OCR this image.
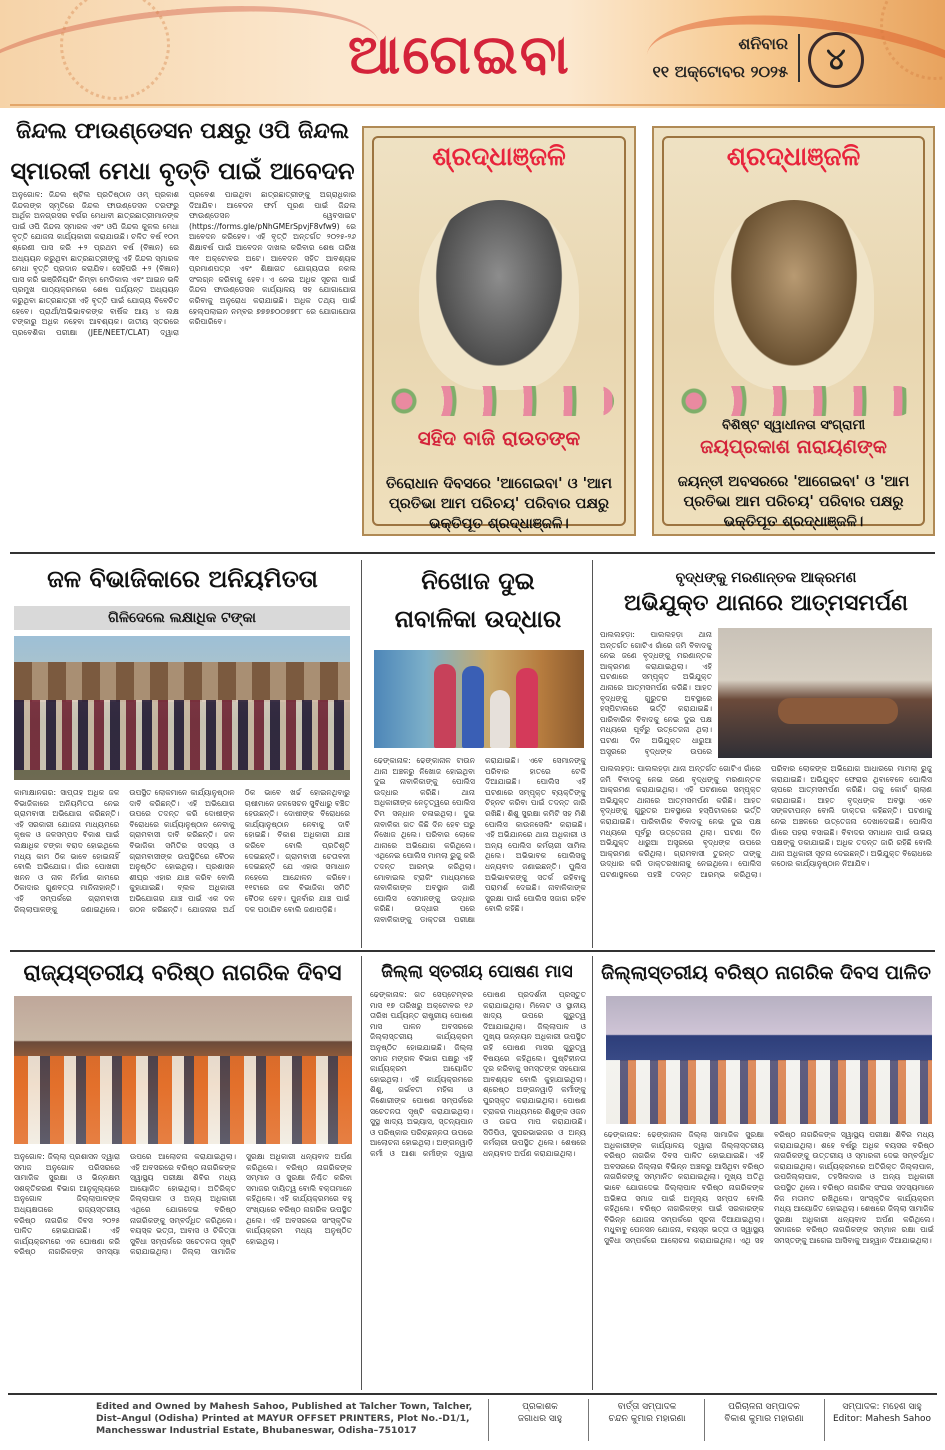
ଆଗେଇବା	ଶନିବାର
୧୧ ଅକ୍ଟୋବର ୨୦୨୫	୪
ଜିନ୍ଦଲ ଫାଉଣ୍ଡେସନ ପକ୍ଷରୁ ଓପି ଜିନ୍ଦଲ
ସ୍ମାରକୀ ମେଧା ବୃତ୍ତି ପାଇଁ ଆବେଦନ
ଅନୁଗୋଳ: ଜିନ୍ଦଲ ଷ୍ଟିଲ ପ୍ରତିଷ୍ଠାନ ଓମ୍ ପ୍ରକାଶ ଜିନ୍ଦଲଙ୍କ ସ୍ମୃତିରେ ଜିନ୍ଦଲ ଫାଉଣ୍ଡେସନ ତରଫରୁ ଆର୍ଥିକ ଅନଗ୍ରସର ବର୍ଗର ମେଧାବୀ ଛାତ୍ରଛାତ୍ରୀମାନଙ୍କ ପାଇଁ ଓପି ଜିନ୍ଦଲ ସ୍ମାରକ ଏବଂ ଓପି ଜିନ୍ଦଲ କୁଳଲ ମେଧା ବୃତ୍ତି ଯୋଜନା କାର୍ଯ୍ୟକାରୀ କରାଯାଉଛି। ଚଳିତ ବର୍ଷ ୧୦ମ ଶ୍ରେଣୀ ପାସ କରି +୨ ପ୍ରଥମ ବର୍ଷ (ବିଜ୍ଞାନ) ରେ ଅଧ୍ୟୟନ କରୁଥିବା ଛାତ୍ରଛାତ୍ରୀଙ୍କୁ ଏହି ଜିନ୍ଦଲ ସ୍ମାରକ ମେଧା ବୃତ୍ତି ପ୍ରଦାନ କରାଯିବ। ସେହିପରି +୨ (ବିଜ୍ଞାନ) ପାସ କରି ଇଞ୍ଜିନିୟରିଂ କିମ୍ବା ମେଡିକାଲ ଏବଂ ଆଇନ ଭଳି ପ୍ରମୁଖ ପାଠ୍ୟକ୍ରମରେ ଶେଷ ପର୍ଯ୍ୟନ୍ତ ଅଧ୍ୟୟନ କରୁଥିବା ଛାତ୍ରଛାତ୍ରୀ ଏହି ବୃତ୍ତି ପାଇଁ ଯୋଗ୍ୟ ବିବେଚିତ ହେବେ। ପ୍ରାର୍ଥୀ/ଅଭିଭାବକଙ୍କ ବାର୍ଷିକ ଆୟ ୪ ଲକ୍ଷ ଟଙ୍କାରୁ ଅଧିକ ନହେବା ଆବଶ୍ୟକ। ଜାତୀୟ ସ୍ତରରେ ପ୍ରବେଶିକା ପରୀକ୍ଷା (JEE/NEET/CLAT) ଦ୍ୱାରା ପ୍ରବେଶ ପାଇଥିବା ଛାତ୍ରଛାତ୍ରୀଙ୍କୁ ଅଗ୍ରାଧିକାର ଦିଆଯିବ। ଆବେଦନ ଫର୍ମ ପୂରଣ ପାଇଁ ଜିନ୍ଦଲ ଫାଉଣ୍ଡେସନ ୱେବସାଇଟ (https://forms.gle/pNhGMErSpvjF8vfw9) ରେ ଆବେଦନ କରିହେବ। ଏହି ବୃତ୍ତି ଅନ୍ତର୍ଗତ ୨୦୨୫-୨୬ ଶିକ୍ଷାବର୍ଷ ପାଇଁ ଆବେଦନ ଦାଖଲ କରିବାର ଶେଷ ତାରିଖ ୩୧ ଅକ୍ଟୋବର ଅଟେ। ଆବେଦନ ସହିତ ଆବଶ୍ୟକ ପ୍ରମାଣପତ୍ର ଏବଂ ଶିକ୍ଷାଗତ ଯୋଗ୍ୟତାର ନକଲ ସଂଲଗ୍ନ କରିବାକୁ ହେବ। ଏ ନେଇ ଅଧିକ ସୂଚନା ପାଇଁ ଜିନ୍ଦଲ ଫାଉଣ୍ଡେସନ କାର୍ଯ୍ୟାଳୟ ସହ ଯୋଗାଯୋଗ କରିବାକୁ ଅନୁରୋଧ କରାଯାଇଛି। ଅଧିକ ତଥ୍ୟ ପାଇଁ ହେଲ୍ପଲାଇନ ନମ୍ବର ୭୭୭୭୦୦୭୭୮୮ ରେ ଯୋଗାଯୋଗ କରିପାରିବେ।
ଶ୍ରଦ୍ଧାଞ୍ଜଳି
ସହିଦ ବାଜି ରାଉତଙ୍କ
ତିରୋଧାନ ଦିବସରେ 'ଆଗେଇବା' ଓ 'ଆମ ପ୍ରତିଭା ଆମ ପରିଚୟ' ପରିବାର ପକ୍ଷରୁ ଭକ୍ତିପୂତ ଶ୍ରଦ୍ଧାଞ୍ଜଳି।
ଶ୍ରଦ୍ଧାଞ୍ଜଳି
ବିଶିଷ୍ଟ ସ୍ୱାଧୀନତା ସଂଗ୍ରାମୀ
ଜୟପ୍ରକାଶ ନାରାୟଣଙ୍କ
ଜୟନ୍ତୀ ଅବସରରେ 'ଆଗେଇବା' ଓ 'ଆମ ପ୍ରତିଭା ଆମ ପରିଚୟ' ପରିବାର ପକ୍ଷରୁ ଭକ୍ତିପୂତ ଶ୍ରଦ୍ଧାଞ୍ଜଳି।
ଜଳ ବିଭାଜିକାରେ ଅନିୟମିତତା
ଗିଳିଦେଲେ ଲକ୍ଷାଧିକ ଟଙ୍କା
କାମାକ୍ଷାନଗର: ସାପ୍ତାହ ଅଧିକ ଜଳ ବିଭାଜିକାରେ ଅନିୟମିତତା ନେଇ ଗ୍ରାମବାସୀ ଅଭିଯୋଗ କରିଛନ୍ତି। ଏହି ସରକାରୀ ଯୋଜନା ମାଧ୍ୟମରେ କୃଷକ ଓ ଜଳସମ୍ପଦ ବିକାଶ ପାଇଁ ଲକ୍ଷାଧିକ ଟଙ୍କା ବରାଦ ହୋଇଥିଲେ ମଧ୍ୟ କାମ ଠିକ ଭାବେ ହୋଇନାହିଁ ବୋଲି ଅଭିଯୋଗ। ଗାଁର ପୋଖରୀ ଖନନ ଓ ନାଳ ନିର୍ମାଣ କାମରେ ଠିକାଦାର ଗୁଣବତ୍ତା ମାନିନାହାନ୍ତି। ଏହି ସମ୍ପର୍କରେ ଗ୍ରାମବାସୀ ଜିଲ୍ଲାପାଳଙ୍କୁ ଜଣାଇଥିଲେ। ଉପସ୍ଥିତ ଲୋକମାନେ କାର୍ଯ୍ୟାନୁଷ୍ଠାନ ଦାବି କରିଛନ୍ତି। ଏହି ଅଭିଯୋଗ ଉପରେ ତଦନ୍ତ କରି ଦୋଷୀଙ୍କ ବିରୋଧରେ କାର୍ଯ୍ୟାନୁଷ୍ଠାନ ନେବାକୁ ଗ୍ରାମବାସୀ ଦାବି କରିଛନ୍ତି। ଜଳ ବିଭାଜିକା ସମିତିର ସଦସ୍ୟ ଓ ଗ୍ରାମବାସୀଙ୍କ ଉପସ୍ଥିତିରେ ବୈଠକ ଅନୁଷ୍ଠିତ ହୋଇଥିଲା। ପ୍ରଶାସନ ଶୀଘ୍ର ଏହାର ଯାଞ୍ଚ କରିବ ବୋଲି କୁହାଯାଇଛି। ବ୍ଲକ ଅଧିକାରୀ ଅଭିଯୋଗର ଯାଞ୍ଚ ପାଇଁ ଏକ ଦଳ ଗଠନ କରିଛନ୍ତି। ଯୋଜନାର ଅର୍ଥ ଠିକ ଭାବେ ଖର୍ଚ୍ଚ ହୋଇନଥିବାରୁ ଚାଷୀମାନେ ଜଳସେଚନ ସୁବିଧାରୁ ବଞ୍ଚିତ ହେଉଛନ୍ତି। ଦୋଷୀଙ୍କ ବିରୋଧରେ କାର୍ଯ୍ୟାନୁଷ୍ଠାନ ନେବାକୁ ଦାବି ହୋଇଛି। ବିକାଶ ଅଧିକାରୀ ଯାଞ୍ଚ କରିବେ ବୋଲି ପ୍ରତିଶୃତି ଦେଇଛନ୍ତି। ଗ୍ରାମବାସୀ ଚେତାବନୀ ଦେଇଛନ୍ତି ଯେ ଏହାର ସମାଧାନ ନହେଲେ ଆନ୍ଦୋଳନ କରିବେ। ୧୧ଟାରେ ଜଳ ବିଭାଜିକା ସମିତି ବୈଠକ ହେବ। ପୁନର୍ବାର ଯାଞ୍ଚ ପାଇଁ ଦଳ ପଠାଯିବ ବୋଲି ଜଣାପଡ଼ିଛି।
ନିଖୋଜ ଦୁଇ
ନାବାଳିକା ଉଦ୍ଧାର
ଢେଙ୍କାନାଳ: ଢେଙ୍କାନାଳ ଟାଉନ ଥାନା ଅଞ୍ଚଳରୁ ନିଖୋଜ ହୋଇଥିବା ଦୁଇ ନାବାଳିକାଙ୍କୁ ପୋଲିସ ଉଦ୍ଧାର କରିଛି। ଥାନା ଅଧିକାରୀଙ୍କ ନେତୃତ୍ୱରେ ପୋଲିସ ଟିମ ସନ୍ଧାନ ଚଳାଇଥିଲା। ଦୁଇ ନାବାଳିକା ଗତ କିଛି ଦିନ ହେବ ଘରୁ ନିଖୋଜ ଥିଲେ। ପରିବାର ଲୋକେ ଥାନାରେ ଅଭିଯୋଗ କରିଥିଲେ। ଏଥିନେଇ ପୋଲିସ ମାମଲା ରୁଜୁ କରି ତଦନ୍ତ ଆରମ୍ଭ କରିଥିଲା। ମୋବାଇଲ ଟ୍ରାକିଂ ମାଧ୍ୟମରେ ନାବାଳିକାଙ୍କ ଅବସ୍ଥାନ ଜାଣି ପୋଲିସ ସେମାନଙ୍କୁ ଉଦ୍ଧାର କରିଛି। ଉଦ୍ଧାର ପରେ ନାବାଳିକାଙ୍କୁ ଡାକ୍ତରୀ ପରୀକ୍ଷା କରାଯାଇଛି। ଏବେ ସେମାନଙ୍କୁ ପରିବାର ହାତରେ ଟେକି ଦିଆଯାଇଛି। ପୋଲିସ ଏହି ଘଟଣାରେ ସମ୍ପୃକ୍ତ ବ୍ୟକ୍ତିଙ୍କୁ ଚିହ୍ନଟ କରିବା ପାଇଁ ତଦନ୍ତ ଜାରି ରଖିଛି। ଶିଶୁ ସୁରକ୍ଷା କମିଟି ସହ ମିଶି ପୋଲିସ କାଉନସେଲିଂ କରାଇଛି। ଏହି ଅଭିଯାନରେ ଥାନା ଅଧିକାରୀ ଓ ଅନ୍ୟ ପୋଲିସ କର୍ମଚାରୀ ସାମିଲ ଥିଲେ। ଅଭିଭାବକ ପୋଲିସକୁ ଧନ୍ୟବାଦ ଜଣାଇଛନ୍ତି। ପୁଲିସ ଅଭିଭାବକଙ୍କୁ ସତର୍କ ରହିବାକୁ ପରାମର୍ଶ ଦେଇଛି। ନାବାଳିକାଙ୍କ ସୁରକ୍ଷା ପାଇଁ ପୋଲିସ ସଜାଗ ରହିବ ବୋଲି କହିଛି।
ବୃଦ୍ଧଙ୍କୁ ମରଣାନ୍ତକ ଆକ୍ରମଣ
ଅଭିଯୁକ୍ତ ଥାନାରେ ଆତ୍ମସମର୍ପଣ
ପାଲଲହଡ଼ା: ପାଲଲହଡ଼ା ଥାନା ଅନ୍ତର୍ଗତ ଗୋଟିଏ ଗାଁରେ ଜମି ବିବାଦକୁ ନେଇ ଜଣେ ବୃଦ୍ଧଙ୍କୁ ମରଣାନ୍ତକ ଆକ୍ରମଣ କରାଯାଇଥିଲା। ଏହି ଘଟଣାରେ ସମ୍ପୃକ୍ତ ଅଭିଯୁକ୍ତ ଥାନାରେ ଆତ୍ମସମର୍ପଣ କରିଛି। ଆହତ ବୃଦ୍ଧଙ୍କୁ ଗୁରୁତର ଅବସ୍ଥାରେ ହସ୍ପିଟାଲରେ ଭର୍ତ୍ତି କରାଯାଇଛି। ପାରିବାରିକ ବିବାଦକୁ ନେଇ ଦୁଇ ପକ୍ଷ ମଧ୍ୟରେ ପୂର୍ବରୁ ଉତ୍ତେଜନା ଥିଲା। ଘଟଣା ଦିନ ଅଭିଯୁକ୍ତ ଧାରୁଆ ଅସ୍ତ୍ରରେ ବୃଦ୍ଧଙ୍କ ଉପରେ
ପାଲଲହଡ଼ା: ପାଲଲହଡ଼ା ଥାନା ଅନ୍ତର୍ଗତ ଗୋଟିଏ ଗାଁରେ ଜମି ବିବାଦକୁ ନେଇ ଜଣେ ବୃଦ୍ଧଙ୍କୁ ମରଣାନ୍ତକ ଆକ୍ରମଣ କରାଯାଇଥିଲା। ଏହି ଘଟଣାରେ ସମ୍ପୃକ୍ତ ଅଭିଯୁକ୍ତ ଥାନାରେ ଆତ୍ମସମର୍ପଣ କରିଛି। ଆହତ ବୃଦ୍ଧଙ୍କୁ ଗୁରୁତର ଅବସ୍ଥାରେ ହସ୍ପିଟାଲରେ ଭର୍ତ୍ତି କରାଯାଇଛି। ପାରିବାରିକ ବିବାଦକୁ ନେଇ ଦୁଇ ପକ୍ଷ ମଧ୍ୟରେ ପୂର୍ବରୁ ଉତ୍ତେଜନା ଥିଲା। ଘଟଣା ଦିନ ଅଭିଯୁକ୍ତ ଧାରୁଆ ଅସ୍ତ୍ରରେ ବୃଦ୍ଧଙ୍କ ଉପରେ ଆକ୍ରମଣ କରିଥିଲା। ଗ୍ରାମବାସୀ ତୁରନ୍ତ ତାଙ୍କୁ ଉଦ୍ଧାର କରି ଡାକ୍ତରଖାନାକୁ ନେଇଥିଲେ। ପୋଲିସ ଘଟଣାସ୍ଥଳରେ ପହଞ୍ଚି ତଦନ୍ତ ଆରମ୍ଭ କରିଥିଲା। ପରିବାର ଲୋକଙ୍କ ଅଭିଯୋଗ ଆଧାରରେ ମାମଲା ରୁଜୁ କରାଯାଇଛି। ଅଭିଯୁକ୍ତ ଫେରାର ଥିବାବେଳେ ପୋଲିସ ଚାପରେ ଆତ୍ମସମର୍ପଣ କରିଛି। ତାକୁ କୋର୍ଟ ଚାଲାଣ କରାଯାଇଛି। ଆହତ ବୃଦ୍ଧଙ୍କ ଅବସ୍ଥା ଏବେ ସଙ୍କଟାପନ୍ନ ବୋଲି ଡାକ୍ତର କହିଛନ୍ତି। ଘଟଣାକୁ ନେଇ ଅଞ୍ଚଳରେ ଉତ୍ତେଜନା ଦେଖାଦେଇଛି। ପୋଲିସ ଗାଁରେ ପହରା ବସାଇଛି। ବିବାଦର ସମାଧାନ ପାଇଁ ଉଭୟ ପକ୍ଷଙ୍କୁ ଡକାଯାଇଛି। ଅଧିକ ତଦନ୍ତ ଜାରି ରହିଛି ବୋଲି ଥାନା ଅଧିକାରୀ ସୂଚନା ଦେଇଛନ୍ତି। ଅଭିଯୁକ୍ତ ବିରୋଧରେ କଠୋର କାର୍ଯ୍ୟାନୁଷ୍ଠାନ ନିଆଯିବ।
ରାଜ୍ୟସ୍ତରୀୟ ବରିଷ୍ଠ ନାଗରିକ ଦିବସ
ଅନୁଗୋଳ: ଜିଲ୍ଲା ପ୍ରଶାସନ ଦ୍ୱାରା ସମାଜ ଅନୁଗୋଳ ପରିସରରେ ସାମାଜିକ ସୁରକ୍ଷା ଓ ଭିନ୍ନକ୍ଷମ ସଶକ୍ତିକରଣ ବିଭାଗ ଆନୁକୂଲ୍ୟରେ ଅନୁଗୋଳ ଜିଲ୍ଲାପାଳଙ୍କ ଅଧ୍ୟକ୍ଷତାରେ ରାଜ୍ୟସ୍ତରୀୟ ବରିଷ୍ଠ ନାଗରିକ ଦିବସ ୨୦୨୫ ପାଳିତ ହୋଇଯାଇଛି। ଏହି କାର୍ଯ୍ୟକ୍ରମରେ ଏକ ଘୋଷଣା କରି ବରିଷ୍ଠ ନାଗରିକଙ୍କ ସମସ୍ୟା ଉପରେ ଆଲୋଚନା କରାଯାଇଥିଲା। ଏହି ଅବସରରେ ବରିଷ୍ଠ ନାଗରିକଙ୍କ ସ୍ୱାସ୍ଥ୍ୟ ପରୀକ୍ଷା ଶିବିର ମଧ୍ୟ ଆୟୋଜିତ ହୋଇଥିଲା। ଅତିରିକ୍ତ ଜିଲ୍ଲାପାଳ ଓ ଅନ୍ୟ ଅଧିକାରୀ ଏଥିରେ ଯୋଗଦେଇ ବରିଷ୍ଠ ନାଗରିକଙ୍କୁ ସମ୍ବର୍ଦ୍ଧିତ କରିଥିଲେ। ବୟସ୍କ ଭତ୍ତା, ଆବାସ ଓ ଚିକିତ୍ସା ସୁବିଧା ସମ୍ପର୍କରେ ସଚେତନତା ସୃଷ୍ଟି କରାଯାଇଥିଲା। ଜିଲ୍ଲା ସାମାଜିକ ସୁରକ୍ଷା ଅଧିକାରୀ ଧନ୍ୟବାଦ ଅର୍ପଣ କରିଥିଲେ। ବରିଷ୍ଠ ନାଗରିକଙ୍କ ସମ୍ମାନ ଓ ସୁରକ୍ଷା ନିଶ୍ଚିତ କରିବା ସମାଜର ଦାୟିତ୍ୱ ବୋଲି ବକ୍ତାମାନେ କହିଥିଲେ। ଏହି କାର୍ଯ୍ୟକ୍ରମରେ ବହୁ ସଂଖ୍ୟାରେ ବରିଷ୍ଠ ନାଗରିକ ଉପସ୍ଥିତ ଥିଲେ। ଏହି ଅବସରରେ ସାଂସ୍କୃତିକ କାର୍ଯ୍ୟକ୍ରମ ମଧ୍ୟ ଅନୁଷ୍ଠିତ ହୋଇଥିଲା।
ଜିଲ୍ଲା ସ୍ତରୀୟ ପୋଷଣ ମାସ
ଢେଙ୍କାନାଳ: ଗତ ସେପ୍ଟେମ୍ବର ମାସ ୧୭ ତାରିଖରୁ ଅକ୍ଟୋବର ୧୬ ତାରିଖ ପର୍ଯ୍ୟନ୍ତ ରାଷ୍ଟ୍ରୀୟ ପୋଷଣ ମାସ ପାଳନ ଅବସରରେ ଜିଲ୍ଲାସ୍ତରୀୟ କାର୍ଯ୍ୟକ୍ରମ ଅନୁଷ୍ଠିତ ହୋଇଯାଇଛି। ଜିଲ୍ଲା ସମାଜ ମଙ୍ଗଳ ବିଭାଗ ପକ୍ଷରୁ ଏହି କାର୍ଯ୍ୟକ୍ରମ ଆୟୋଜିତ ହୋଇଥିଲା। ଏହି କାର୍ଯ୍ୟକ୍ରମରେ ଶିଶୁ, ଗର୍ଭବତୀ ମହିଳା ଓ କିଶୋରୀଙ୍କ ପୋଷଣ ସମ୍ପର୍କରେ ସଚେତନତା ସୃଷ୍ଟି କରାଯାଇଥିଲା। ସୁସ୍ଥ ଖାଦ୍ୟ ଅଭ୍ୟାସ, ସ୍ତନ୍ୟପାନ ଓ ପରିଷ୍କାର ପରିଚ୍ଛନ୍ନତା ଉପରେ ଆଲୋଚନା ହୋଇଥିଲା। ଅଙ୍ଗନୱାଡ଼ି କର୍ମୀ ଓ ଆଶା କର୍ମୀଙ୍କ ଦ୍ୱାରା ପୋଷଣ ପ୍ରଦର୍ଶନୀ ପ୍ରସ୍ତୁତ କରାଯାଇଥିଲା। ମିଲେଟ ଓ ସ୍ଥାନୀୟ ଖାଦ୍ୟ ଉପରେ ଗୁରୁତ୍ୱ ଦିଆଯାଇଥିଲା। ଜିଲ୍ଲାପାଳ ଓ ମୁଖ୍ୟ ଉନ୍ନୟନ ଅଧିକାରୀ ଉପସ୍ଥିତ ରହି ପୋଷଣ ମାସର ଗୁରୁତ୍ୱ ବିଷୟରେ କହିଥିଲେ। ପୁଷ୍ଟିହୀନତା ଦୂର କରିବାକୁ ସମସ୍ତଙ୍କ ସହଯୋଗ ଆବଶ୍ୟକ ବୋଲି କୁହାଯାଇଥିଲା। ଶ୍ରେଷ୍ଠ ଅଙ୍ଗନୱାଡ଼ି କର୍ମୀଙ୍କୁ ପୁରସ୍କୃତ କରାଯାଇଥିଲା। ପୋଷଣ ଟ୍ରାକର ମାଧ୍ୟମରେ ଶିଶୁଙ୍କ ଓଜନ ଓ ଉଚ୍ଚତା ମାପ କରାଯାଉଛି। ସିଡିପିଓ, ସୁପରଭାଇଜର ଓ ଅନ୍ୟ କର୍ମଚାରୀ ଉପସ୍ଥିତ ଥିଲେ। ଶେଷରେ ଧନ୍ୟବାଦ ଅର୍ପଣ କରାଯାଇଥିଲା।
ଜିଲ୍ଲାସ୍ତରୀୟ ବରିଷ୍ଠ ନାଗରିକ ଦିବସ ପାଳିତ
ଢେଙ୍କାନାଳ: ଢେଙ୍କାନାଳ ଜିଲ୍ଲା ସାମାଜିକ ସୁରକ୍ଷା ଅଧିକାରୀଙ୍କ କାର୍ଯ୍ୟାଳୟ ଦ୍ୱାରା ଜିଲ୍ଲାସ୍ତରୀୟ ବରିଷ୍ଠ ନାଗରିକ ଦିବସ ପାଳିତ ହୋଇଯାଇଛି। ଏହି ଅବସରରେ ଜିଲ୍ଲାର ବିଭିନ୍ନ ଅଞ୍ଚଳରୁ ଆସିଥିବା ବରିଷ୍ଠ ନାଗରିକଙ୍କୁ ସମ୍ମାନିତ କରାଯାଇଥିଲା। ମୁଖ୍ୟ ଅତିଥି ଭାବେ ଯୋଗଦେଇ ଜିଲ୍ଲାପାଳ ବରିଷ୍ଠ ନାଗରିକଙ୍କ ଅଭିଜ୍ଞତା ସମାଜ ପାଇଁ ଅମୂଲ୍ୟ ସମ୍ପଦ ବୋଲି କହିଥିଲେ। ବରିଷ୍ଠ ନାଗରିକଙ୍କ ପାଇଁ ସରକାରଙ୍କ ବିଭିନ୍ନ ଯୋଜନା ସମ୍ପର୍କରେ ସୂଚନା ଦିଆଯାଇଥିଲା। ମଧୁବାବୁ ପେନସନ ଯୋଜନା, ବୟସ୍କ ଭତ୍ତା ଓ ସ୍ୱାସ୍ଥ୍ୟ ସୁବିଧା ସମ୍ପର୍କରେ ଆଲୋଚନା କରାଯାଇଥିଲା। ଏଥି ସହ ବରିଷ୍ଠ ନାଗରିକଙ୍କ ସ୍ୱାସ୍ଥ୍ୟ ପରୀକ୍ଷା ଶିବିର ମଧ୍ୟ କରାଯାଇଥିଲା। ଶହେ ବର୍ଷରୁ ଅଧିକ ବୟସର ବରିଷ୍ଠ ନାଗରିକଙ୍କୁ ଉତ୍ତରୀୟ ଓ ସ୍ମାରକୀ ଦେଇ ସମ୍ବର୍ଦ୍ଧିତ କରାଯାଇଥିଲା। କାର୍ଯ୍ୟକ୍ରମରେ ଅତିରିକ୍ତ ଜିଲ୍ଲାପାଳ, ଉପଜିଲ୍ଲାପାଳ, ତହସିଲଦାର ଓ ଅନ୍ୟ ଅଧିକାରୀ ଉପସ୍ଥିତ ଥିଲେ। ବରିଷ୍ଠ ନାଗରିକ ସଂଘର ସଦସ୍ୟମାନେ ନିଜ ମତାମତ ରଖିଥିଲେ। ସାଂସ୍କୃତିକ କାର୍ଯ୍ୟକ୍ରମ ମଧ୍ୟ ଆୟୋଜିତ ହୋଇଥିଲା। ଶେଷରେ ଜିଲ୍ଲା ସାମାଜିକ ସୁରକ୍ଷା ଅଧିକାରୀ ଧନ୍ୟବାଦ ଅର୍ପଣ କରିଥିଲେ। ସମାଜରେ ବରିଷ୍ଠ ନାଗରିକଙ୍କ ସମ୍ମାନ ରକ୍ଷା ପାଇଁ ସମସ୍ତଙ୍କୁ ଆଗେଇ ଆସିବାକୁ ଆହ୍ୱାନ ଦିଆଯାଇଥିଲା।
Edited and Owned by Mahesh Sahoo, Published at Talcher Town, Talcher,
Dist–Angul (Odisha) Printed at MAYUR OFFSET PRINTERS, Plot No.-D1/1,
Manchesswar Industrial Estate, Bhubaneswar, Odisha–751017
ପ୍ରକାଶକ
ଜଗାଧର ସାହୁ
ବାର୍ତ୍ତା ସମ୍ପାଦକ
ଚନ୍ଦନ କୁମାର ମହାରଣା
ପରିଚାଳନା ସମ୍ପାଦକ
ବିକାଶ କୁମାର ମହାରଣା
ସମ୍ପାଦକ: ମହେଶ ସାହୁ
Editor: Mahesh Sahoo
